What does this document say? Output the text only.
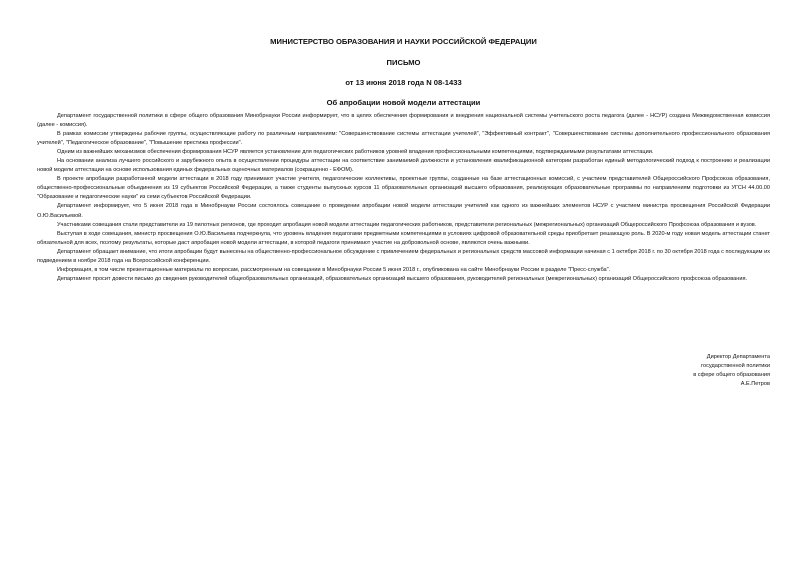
МИНИСТЕРСТВО ОБРАЗОВАНИЯ И НАУКИ РОССИЙСКОЙ ФЕДЕРАЦИИ
ПИСЬМО
от 13 июня 2018 года N 08-1433
Об апробации новой модели аттестации

Департамент государственной политики в сфере общего образования Минобрнауки России информирует, что в целях обеспечения формирования и внедрения национальной системы учительского роста педагога (далее - НСУР) создана Межведомственная комиссия (далее - комиссия).

В рамках комиссии утверждены рабочие группы, осуществляющие работу по различным направлениям: "Совершенствование системы аттестации учителей", "Эффективный контракт", "Совершенствование системы дополнительного профессионального образования учителей", "Педагогическое образование", "Повышение престижа профессии".

Одним из важнейших механизмов обеспечения формирования НСУР является установление для педагогических работников уровней владения профессиональными компетенциями, подтверждаемыми результатами аттестации.

На основании анализа лучшего российского и зарубежного опыта в осуществлении процедуры аттестации на соответствие занимаемой должности и установления квалификационной категории разработан единый методологический подход к построению и реализации новой модели аттестации на основе использования единых федеральных оценочных материалов (сокращенно - ЕФОМ).

В проекте апробации разработанной модели аттестации в 2018 году принимают участие учителя, педагогические коллективы, проектные группы, созданные на базе аттестационных комиссий, с участием представителей Общероссийского Профсоюза образования, общественно-профессиональные объединения из 19 субъектов Российской Федерации, а также студенты выпускных курсов 11 образовательных организаций высшего образования, реализующих образовательные программы по направлениям подготовки из УГСН 44.00.00 "Образование и педагогические науки" из семи субъектов Российской Федерации.

Департамент информирует, что 5 июня 2018 года в Минобрнауки России состоялось совещание о проведении апробации новой модели аттестации учителей как одного из важнейших элементов НСУР с участием министра просвещения Российской Федерации О.Ю.Васильевой.

Участниками совещания стали представители из 19 пилотных регионов, где проходит апробация новой модели аттестации педагогических работников, представители региональных (межрегиональных) организаций Общероссийского Профсоюза образования и вузов.

Выступая в ходе совещания, министр просвещения О.Ю.Васильева подчеркнула, что уровень владения педагогами предметными компетенциями в условиях цифровой образовательной среды приобретает решающую роль. В 2020-м году новая модель аттестации станет обязательной для всех, поэтому результаты, которые даст апробация новой модели аттестации, в которой педагоги принимают участие на добровольной основе, являются очень важными.

Департамент обращает внимание, что итоги апробации будут вынесены на общественно-профессиональное обсуждение с привлечением федеральных и региональных средств массовой информации начиная с 1 октября 2018 г. по 30 октября 2018 года с последующим их подведением в ноябре 2018 года на Всероссийской конференции.

Информация, в том числе презентационные материалы по вопросам, рассмотренным на совещании в Минобрнауки России 5 июня 2018 г., опубликована на сайте Минобрнауки России в разделе "Пресс-служба".

Департамент просит довести письмо до сведения руководителей общеобразовательных организаций, образовательных организаций высшего образования, руководителей региональных (межрегиональных) организаций Общероссийского профсоюза образования.

Директор Департамента
государственной политики
в сфере общего образования
А.Е.Петров
